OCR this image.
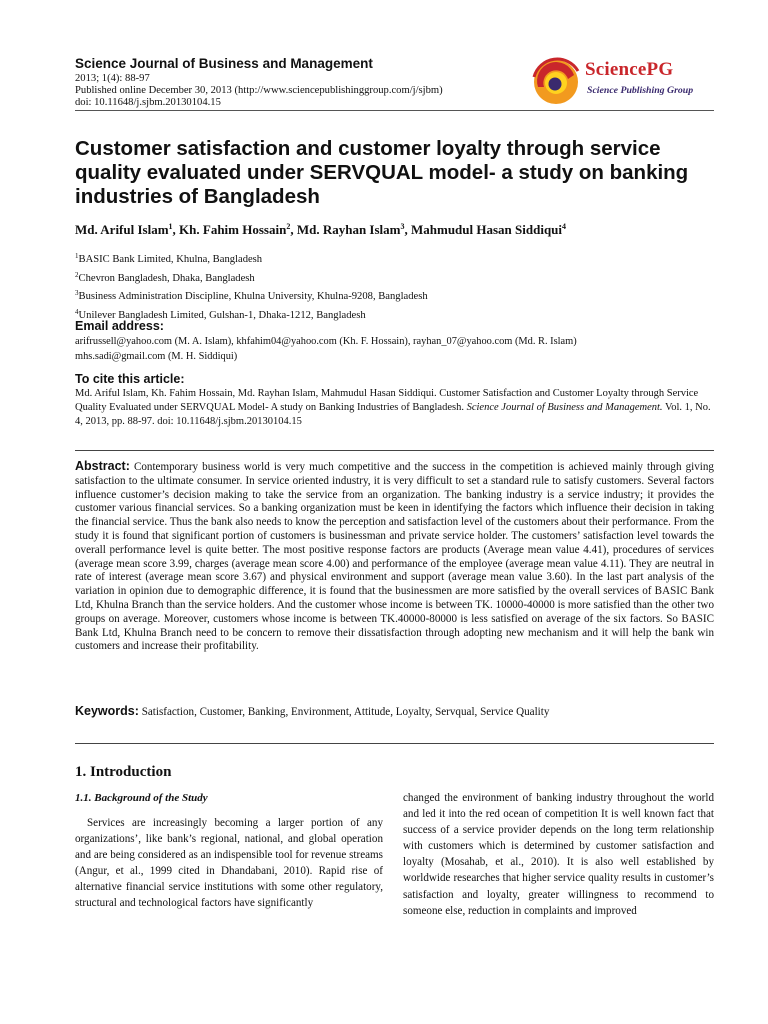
Science Journal of Business and Management
2013; 1(4): 88-97
Published online December 30, 2013 (http://www.sciencepublishinggroup.com/j/sjbm)
doi: 10.11648/j.sjbm.20130104.15
SciencePG
Science Publishing Group
Customer satisfaction and customer loyalty through service quality evaluated under SERVQUAL model- a study on banking industries of Bangladesh
Md. Ariful Islam$^1$, Kh. Fahim Hossain$^2$, Md. Rayhan Islam$^3$, Mahmudul Hasan Siddiqui$^4$
$^1$BASIC Bank Limited, Khulna, Bangladesh
$^2$Chevron Bangladesh, Dhaka, Bangladesh
$^3$Business Administration Discipline, Khulna University, Khulna-9208, Bangladesh
$^4$Unilever Bangladesh Limited, Gulshan-1, Dhaka-1212, Bangladesh
Email address:
arifrussell@yahoo.com (M. A. Islam), khfahim04@yahoo.com (Kh. F. Hossain), rayhan_07@yahoo.com (Md. R. Islam)
mhs.sadi@gmail.com (M. H. Siddiqui)
To cite this article:
Md. Ariful Islam, Kh. Fahim Hossain, Md. Rayhan Islam, Mahmudul Hasan Siddiqui. Customer Satisfaction and Customer Loyalty through Service Quality Evaluated under SERVQUAL Model- A study on Banking Industries of Bangladesh. Science Journal of Business and Management. Vol. 1, No. 4, 2013, pp. 88-97. doi: 10.11648/j.sjbm.20130104.15
Abstract: Contemporary business world is very much competitive and the success in the competition is achieved mainly through giving satisfaction to the ultimate consumer. In service oriented industry, it is very difficult to set a standard rule to satisfy customers. Several factors influence customer’s decision making to take the service from an organization. The banking industry is a service industry; it provides the customer various financial services. So a banking organization must be keen in identifying the factors which influence their decision in taking the financial service. Thus the bank also needs to know the perception and satisfaction level of the customers about their performance. From the study it is found that significant portion of customers is businessman and private service holder. The customers’ satisfaction level towards the overall performance level is quite better. The most positive response factors are products (Average mean value 4.41), procedures of services (average mean score 3.99, charges (average mean score 4.00) and performance of the employee (average mean value 4.11). They are neutral in rate of interest (average mean score 3.67) and physical environment and support (average mean value 3.60). In the last part analysis of the variation in opinion due to demographic difference, it is found that the businessmen are more satisfied by the overall services of BASIC Bank Ltd, Khulna Branch than the service holders. And the customer whose income is between TK. 10000-40000 is more satisfied than the other two groups on average. Moreover, customers whose income is between TK.40000-80000 is less satisfied on average of the six factors. So BASIC Bank Ltd, Khulna Branch need to be concern to remove their dissatisfaction through adopting new mechanism and it will help the bank win customers and increase their profitability.
Keywords: Satisfaction, Customer, Banking, Environment, Attitude, Loyalty, Servqual, Service Quality
1. Introduction
1.1. Background of the Study

Services are increasingly becoming a larger portion of any organizations’, like bank’s regional, national, and global operation and are being considered as an indispensible tool for revenue streams (Angur, et al., 1999 cited in Dhandabani, 2010). Rapid rise of alternative financial service institutions with some other regulatory, structural and technological factors have significantly

changed the environment of banking industry throughout the world and led it into the red ocean of competition It is well known fact that success of a service provider depends on the long term relationship with customers which is determined by customer satisfaction and loyalty (Mosahab, et al., 2010). It is also well established by worldwide researches that higher service quality results in customer’s satisfaction and loyalty, greater willingness to recommend to someone else, reduction in complaints and improved
